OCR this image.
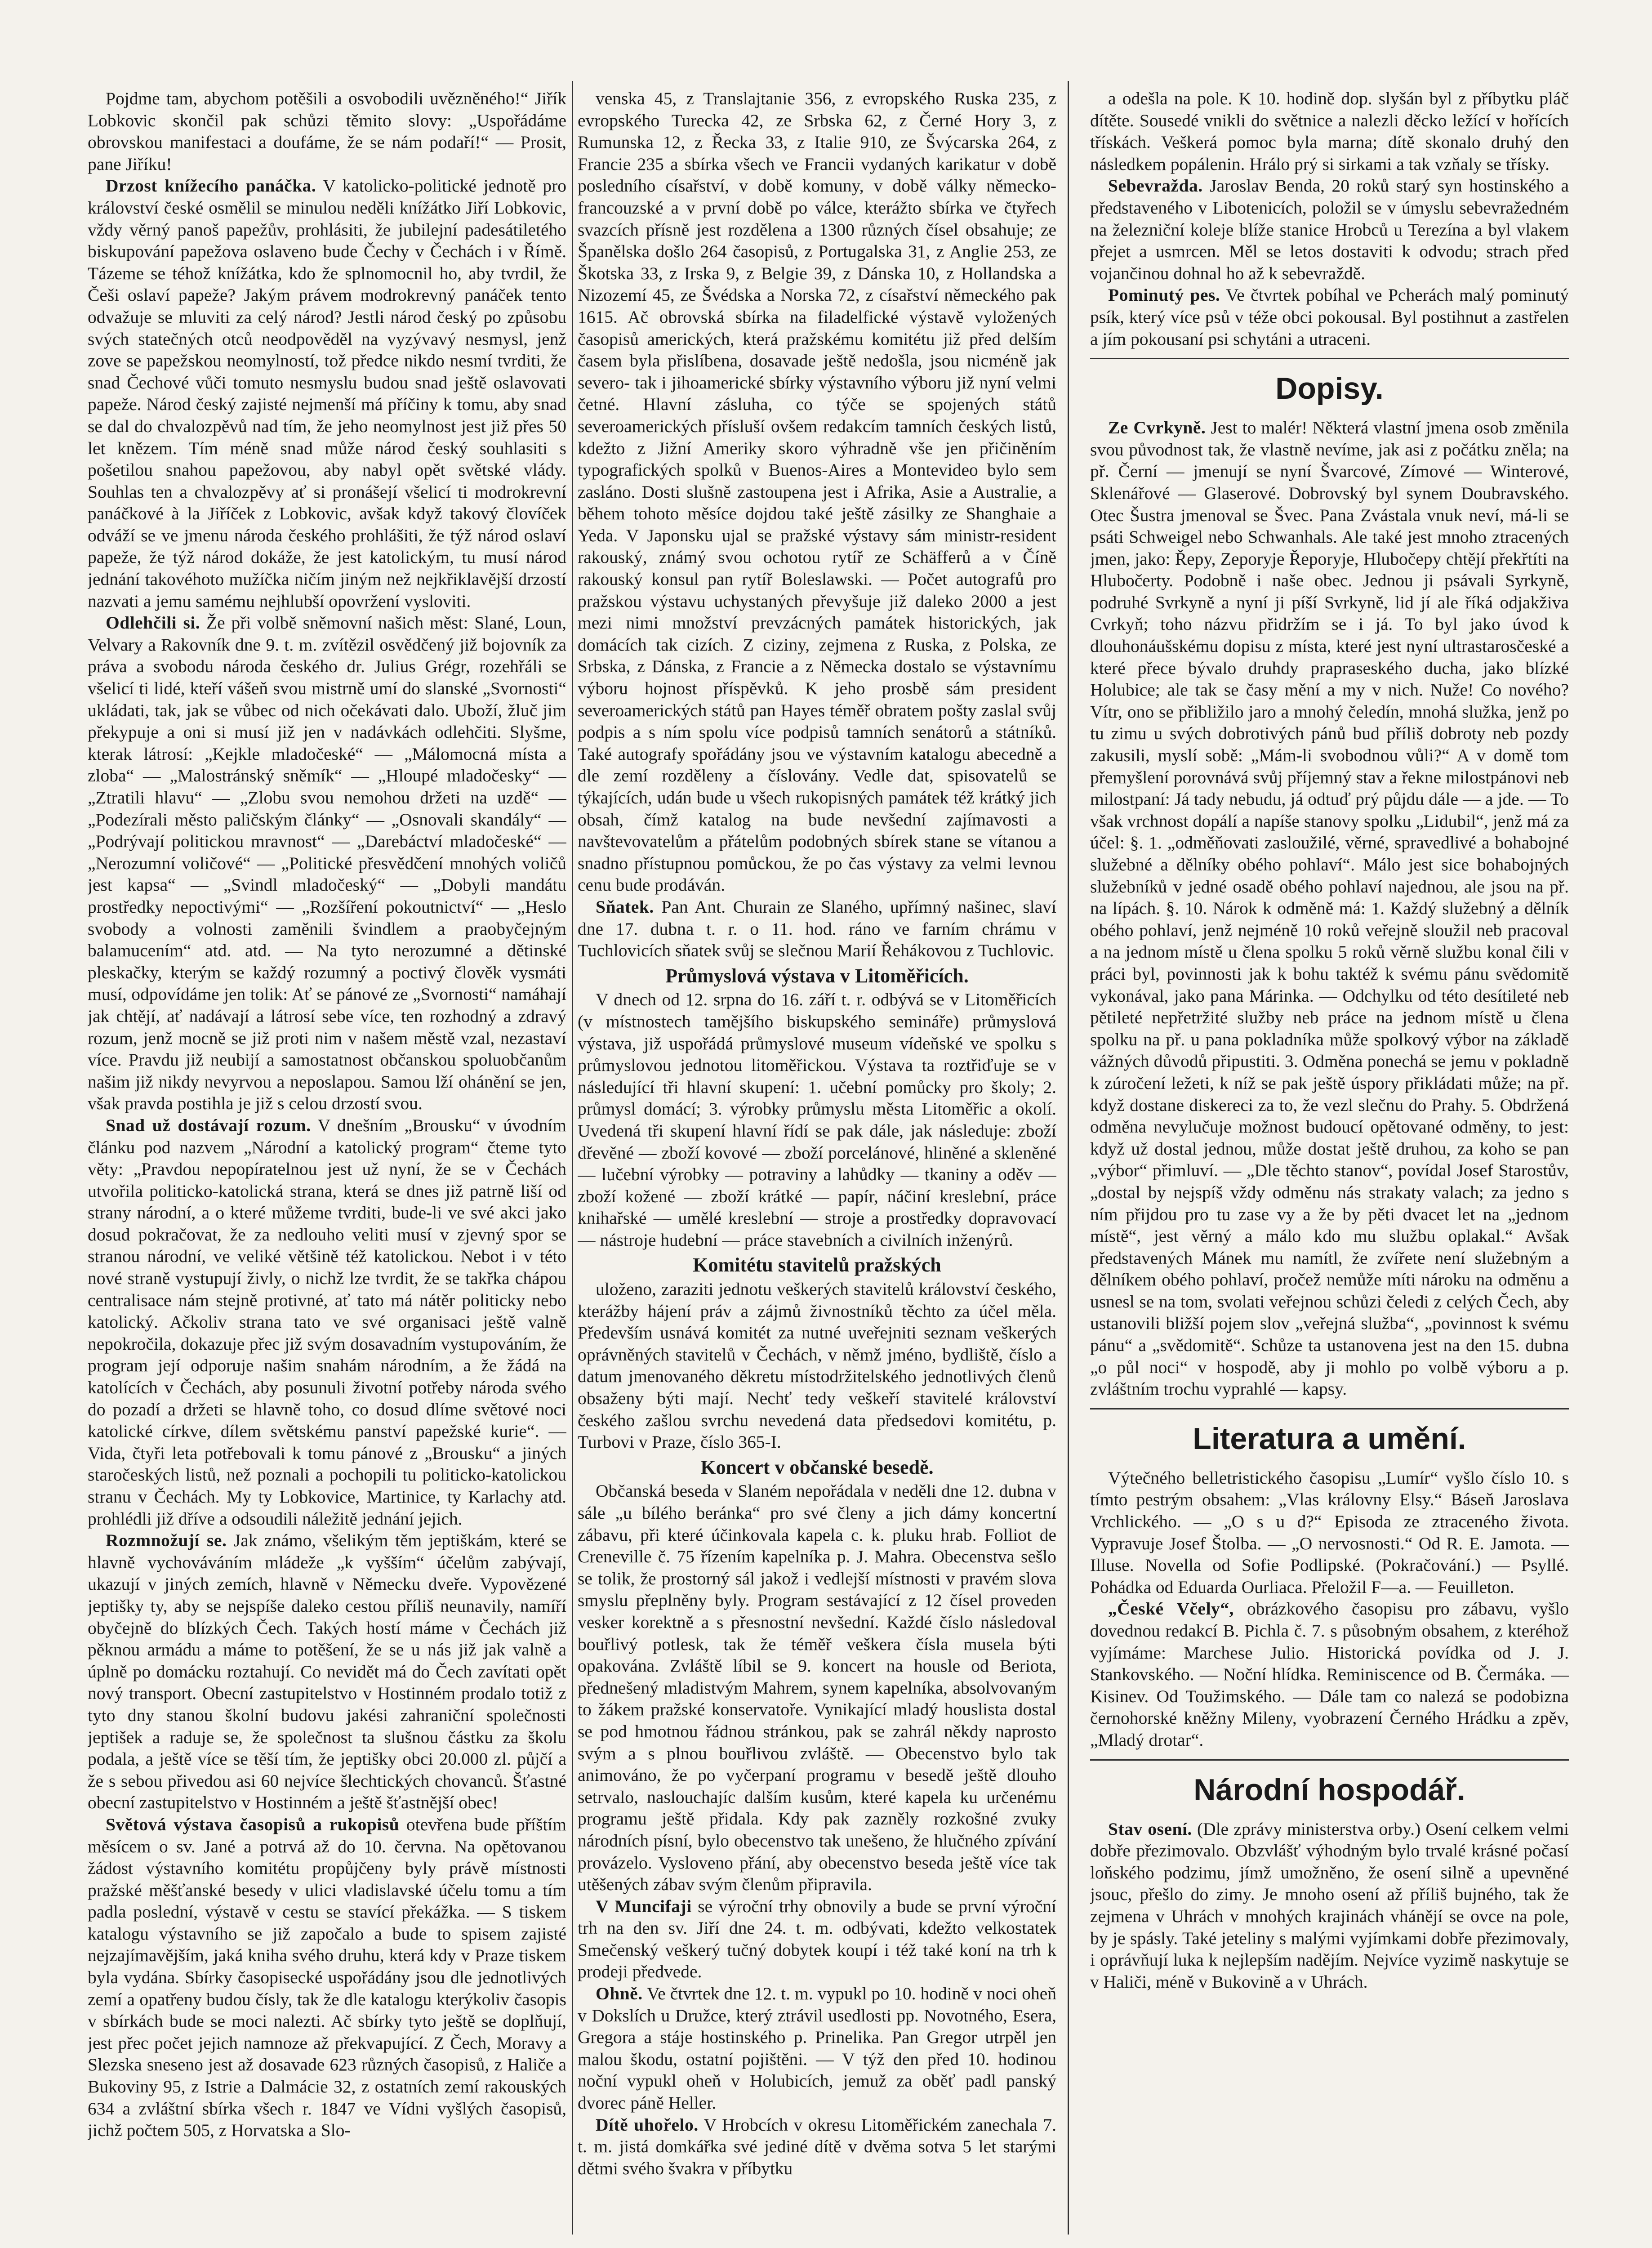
Pojdme tam, abychom potěšili a osvobodili uvězněného!“ Jiřík Lobkovic skončil pak schůzi těmito slovy: „Uspořádáme obrovskou manifestaci a doufáme, že se nám podaří!“ — Prosit, pane Jiříku!

Drzost knížecího panáčka. V katolicko-politické jednotě pro království české osmělil se minulou neděli knížátko Jiří Lobkovic, vždy věrný panoš papežův, prohlásiti, že jubilejní padesátiletého biskupování papežova oslaveno bude Čechy v Čechách i v Římě. Tázeme se téhož knížátka, kdo že splnomocnil ho, aby tvrdil, že Češi oslaví papeže? Jakým právem modrokrevný panáček tento odvažuje se mluviti za celý národ? Jestli národ český po způsobu svých statečných otců neodpověděl na vyzývavý nesmysl, jenž zove se papežskou neomylností, tož předce nikdo nesmí tvrditi, že snad Čechové vůči tomuto nesmyslu budou snad ještě oslavovati papeže. Národ český zajisté nejmenší má příčiny k tomu, aby snad se dal do chvalozpěvů nad tím, že jeho neomylnost jest již přes 50 let knězem. Tím méně snad může národ český souhlasiti s pošetilou snahou papežovou, aby nabyl opět světské vlády. Souhlas ten a chvalozpěvy ať si pronášejí všelicí ti modrokrevní panáčkové à la Jiříček z Lobkovic, avšak když takový človíček odváží se ve jmenu národa českého prohlášiti, že týž národ oslaví papeže, že týž národ dokáže, že jest katolickým, tu musí národ jednání takovéhoto mužíčka ničím jiným než nejkřiklavější drzostí nazvati a jemu samému nejhlubší opovržení vysloviti.

Odlehčili si. Že při volbě sněmovní našich měst: Slané, Loun, Velvary a Rakovník dne 9. t. m. zvítězil osvědčený již bojovník za práva a svobodu národa českého dr. Julius Grégr, rozehřáli se všelicí ti lidé, kteří vášeň svou mistrně umí do slanské „Svornosti“ ukládati, tak, jak se vůbec od nich očekávati dalo. Uboží, žluč jim překypuje a oni si musí již jen v nadávkách odlehčiti. Slyšme, kterak látrosí: „Kejkle mladočeské“ — „Málomocná místa a zloba“ — „Malostránský sněmík“ — „Hloupé mladočesky“ — „Ztratili hlavu“ — „Zlobu svou nemohou držeti na uzdě“ — „Podezírali město paličským články“ — „Osnovali skandály“ — „Podrývají politickou mravnost“ — „Darebáctví mladočeské“ — „Nerozumní voličové“ — „Politické přesvědčení mnohých voličů jest kapsa“ — „Svindl mladočeský“ — „Dobyli mandátu prostředky nepoctivými“ — „Rozšíření pokoutnictví“ — „Heslo svobody a volnosti zaměnili švindlem a praobyčejným balamucením“ atd. atd. — Na tyto nerozumné a dětinské pleskačky, kterým se každý rozumný a poctivý člověk vysmáti musí, odpovídáme jen tolik: Ať se pánové ze „Svornosti“ namáhají jak chtějí, ať nadávají a látrosí sebe více, ten rozhodný a zdravý rozum, jenž mocně se již proti nim v našem městě vzal, nezastaví více. Pravdu již neubijí a samostatnost občanskou spoluobčanům našim již nikdy nevyrvou a neposlapou. Samou lží ohánění se jen, však pravda postihla je již s celou drzostí svou.

Snad už dostávají rozum. V dnešním „Brousku“ v úvodním článku pod nazvem „Národní a katolický program“ čteme tyto věty: „Pravdou nepopíratelnou jest už nyní, že se v Čechách utvořila politicko-katolická strana, která se dnes již patrně liší od strany národní, a o které můžeme tvrditi, bude-li ve své akci jako dosud pokračovat, že za nedlouho veliti musí v zjevný spor se stranou národní, ve veliké většině též katolickou. Nebot i v této nové straně vystupují živly, o nichž lze tvrdit, že se takřka chápou centralisace nám stejně protivné, ať tato má nátěr politicky nebo katolický. Ačkoliv strana tato ve své organisaci ještě valně nepokročila, dokazuje přec již svým dosavadním vystupováním, že program její odporuje našim snahám národním, a že žádá na katolících v Čechách, aby posunuli životní potřeby národa svého do pozadí a držeti se hlavně toho, co dosud dlíme světové noci katolické církve, dílem světskému panství papežské kurie“. — Vida, čtyři leta potřebovali k tomu pánové z „Brousku“ a jiných staročeských listů, než poznali a pochopili tu politicko-katolickou stranu v Čechách. My ty Lobkovice, Martinice, ty Karlachy atd. prohlédli již dříve a odsoudili náležitě jednání jejich.

Rozmnožují se. Jak známo, všelikým těm jeptiškám, které se hlavně vychováváním mládeže „k vyšším“ účelům zabývají, ukazují v jiných zemích, hlavně v Německu dveře. Vypovězené jeptišky ty, aby se nejspíše daleko cestou příliš neunavily, namíří obyčejně do blízkých Čech. Takých hostí máme v Čechách již pěknou armádu a máme to potěšení, že se u nás již jak valně a úplně po domácku roztahují. Co nevidět má do Čech zavítati opět nový transport. Obecní zastupitelstvo v Hostinném prodalo totiž z tyto dny stanou školní budovu jakési zahraniční společnosti jeptišek a raduje se, že společnost ta slušnou částku za školu podala, a ještě více se těší tím, že jeptišky obci 20.000 zl. půjčí a že s sebou přivedou asi 60 nejvíce šlechtických chovanců. Šťastné obecní zastupitelstvo v Hostinném a ještě šťastnější obec!

Světová výstava časopisů a rukopisů otevřena bude příštím měsícem o sv. Jané a potrvá až do 10. června. Na opětovanou žádost výstavního komitétu propůjčeny byly právě místnosti pražské měšťanské besedy v ulici vladislavské účelu tomu a tím padla poslední, výstavě v cestu se stavící překážka. — S tiskem katalogu výstavního se již započalo a bude to spisem zajisté nejzajímavějším, jaká kniha svého druhu, která kdy v Praze tiskem byla vydána. Sbírky časopisecké uspořádány jsou dle jednotlivých zemí a opatřeny budou čísly, tak že dle katalogu kterýkoliv časopis v sbírkách bude se moci nalezti. Ač sbírky tyto ještě se doplňují, jest přec počet jejich namnoze až překvapující. Z Čech, Moravy a Slezska sneseno jest až dosavade 623 různých časopisů, z Haliče a Bukoviny 95, z Istrie a Dalmácie 32, z ostatních zemí rakouských 634 a zvláštní sbírka všech r. 1847 ve Vídni vyšlých časopisů, jichž počtem 505, z Horvatska a Slo-

venska 45, z Translajtanie 356, z evropského Ruska 235, z evropského Turecka 42, ze Srbska 62, z Černé Hory 3, z Rumunska 12, z Řecka 33, z Italie 910, ze Švýcarska 264, z Francie 235 a sbírka všech ve Francii vydaných karikatur v době posledního císařství, v době komuny, v době války německo-francouzské a v první době po válce, kterážto sbírka ve čtyřech svazcích přísně jest rozdělena a 1300 různých čísel obsahuje; ze Španělska došlo 264 časopisů, z Portugalska 31, z Anglie 253, ze Škotska 33, z Irska 9, z Belgie 39, z Dánska 10, z Hollandska a Nizozemí 45, ze Švédska a Norska 72, z císařství německého pak 1615. Ač obrovská sbírka na filadelfické výstavě vyložených časopisů amerických, která pražskému komitétu již před delším časem byla přislíbena, dosavade ještě nedošla, jsou nicméně jak severo- tak i jihoamerické sbírky výstavního výboru již nyní velmi četné. Hlavní zásluha, co týče se spojených států severoamerických přísluší ovšem redakcím tamních českých listů, kdežto z Jižní Ameriky skoro výhradně vše jen přičiněním typografických spolků v Buenos-Aires a Montevideo bylo sem zasláno. Dosti slušně zastoupena jest i Afrika, Asie a Australie, a během tohoto měsíce dojdou také ještě zásilky ze Shanghaie a Yeda. V Japonsku ujal se pražské výstavy sám ministr-resident rakouský, známý svou ochotou rytíř ze Schäfferů a v Číně rakouský konsul pan rytíř Boleslawski. — Počet autografů pro pražskou výstavu uchystaných převyšuje již daleko 2000 a jest mezi nimi množství prevzácných památek historických, jak domácích tak cizích. Z ciziny, zejmena z Ruska, z Polska, ze Srbska, z Dánska, z Francie a z Německa dostalo se výstavnímu výboru hojnost příspěvků. K jeho prosbě sám president severoamerických států pan Hayes téměř obratem pošty zaslal svůj podpis a s ním spolu více podpisů tamních senátorů a státníků. Také autografy spořádány jsou ve výstavním katalogu abecedně a dle zemí rozděleny a číslovány. Vedle dat, spisovatelů se týkajících, udán bude u všech rukopisných památek též krátký jich obsah, čímž katalog na bude nevšední zajímavosti a navštevovatelům a přátelům podobných sbírek stane se vítanou a snadno přístupnou pomůckou, že po čas výstavy za velmi levnou cenu bude prodáván.

Sňatek. Pan Ant. Churain ze Slaného, upřímný našinec, slaví dne 17. dubna t. r. o 11. hod. ráno ve farním chrámu v Tuchlovicích sňatek svůj se slečnou Marií Řehákovou z Tuchlovic.

Průmyslová výstava v Litoměřicích.

V dnech od 12. srpna do 16. září t. r. odbývá se v Litoměřicích (v místnostech tamějšího biskupského semináře) průmyslová výstava, již uspořádá průmyslové museum vídeňské ve spolku s průmyslovou jednotou litoměřickou. Výstava ta roztřiďuje se v následující tři hlavní skupení: 1. učební pomůcky pro školy; 2. průmysl domácí; 3. výrobky průmyslu města Litoměřic a okolí. Uvedená tři skupení hlavní řídí se pak dále, jak následuje: zboží dřevěné — zboží kovové — zboží porcelánové, hliněné a skleněné — lučební výrobky — potraviny a lahůdky — tkaniny a oděv — zboží kožené — zboží krátké — papír, náčiní kreslební, práce knihařské — umělé kreslební — stroje a prostředky dopravovací — nástroje hudební — práce stavebních a civilních inženýrů.

Komitétu stavitelů pražských

uloženo, zaraziti jednotu veškerých stavitelů království českého, kterážby hájení práv a zájmů živnostníků těchto za účel měla. Především usnává komitét za nutné uveřejniti seznam veškerých oprávněných stavitelů v Čechách, v němž jméno, bydliště, číslo a datum jmenovaného děkretu místodržitelského jednotlivých členů obsaženy býti mají. Nechť tedy veškeří stavitelé království českého zašlou svrchu nevedená data předsedovi komitétu, p. Turbovi v Praze, číslo 365-I.

Koncert v občanské besedě.

Občanská beseda v Slaném nepořádala v neděli dne 12. dubna v sále „u bílého beránka“ pro své členy a jich dámy koncertní zábavu, při které účinkovala kapela c. k. pluku hrab. Folliot de Creneville č. 75 řízením kapelníka p. J. Mahra. Obecenstva sešlo se tolik, že prostorný sál jakož i vedlejší místnosti v pravém slova smyslu přeplněny byly. Program sestávající z 12 čísel proveden vesker korektně a s přesnostní nevšední. Každé číslo následoval bouřlivý potlesk, tak že téměř veškera čísla musela býti opakována. Zvláště líbil se 9. koncert na housle od Beriota, přednešený mladistvým Mahrem, synem kapelníka, absolvovaným to žákem pražské konservatoře. Vynikající mladý houslista dostal se pod hmotnou řádnou stránkou, pak se zahrál někdy naprosto svým a s plnou bouřlivou zvláště. — Obecenstvo bylo tak animováno, že po vyčerpaní programu v besedě ještě dlouho setrvalo, naslouchajíc dalším kusům, které kapela ku určenému programu ještě přidala. Kdy pak zazněly rozkošné zvuky národních písní, bylo obecenstvo tak unešeno, že hlučného zpívání provázelo. Vysloveno přání, aby obecenstvo beseda ještě více tak utěšených zábav svým členům připravila.

V Muncifaji se výroční trhy obnovily a bude se první výroční trh na den sv. Jiří dne 24. t. m. odbývati, kdežto velkostatek Smečenský veškerý tučný dobytek koupí i též také koní na trh k prodeji předvede.

Ohně. Ve čtvrtek dne 12. t. m. vypukl po 10. hodině v noci oheň v Dokslích u Družce, který ztrávil usedlosti pp. Novotného, Esera, Gregora a stáje hostinského p. Prinelika. Pan Gregor utrpěl jen malou škodu, ostatní pojištěni. — V týž den před 10. hodinou noční vypukl oheň v Holubicích, jemuž za oběť padl panský dvorec páně Heller.

Dítě uhořelo. V Hrobcích v okresu Litoměřickém zanechala 7. t. m. jistá domkářka své jediné dítě v dvěma sotva 5 let starými dětmi svého švakra v příbytku

a odešla na pole. K 10. hodině dop. slyšán byl z příbytku pláč dítěte. Sousedé vnikli do světnice a nalezli děcko ležící v hořících třískách. Veškerá pomoc byla marna; dítě skonalo druhý den následkem popálenin. Hrálo prý si sirkami a tak vzňaly se třísky.

Sebevražda. Jaroslav Benda, 20 roků starý syn hostinského a představeného v Libotenicích, položil se v úmyslu sebevražedném na železniční koleje blíže stanice Hrobců u Terezína a byl vlakem přejet a usmrcen. Měl se letos dostaviti k odvodu; strach před vojančinou dohnal ho až k sebevraždě.

Pominutý pes. Ve čtvrtek pobíhal ve Pcherách malý pominutý psík, který více psů v téže obci pokousal. Byl postihnut a zastřelen a jím pokousaní psi schytáni a utraceni.

Dopisy.

Ze Cvrkyně. Jest to malér! Některá vlastní jmena osob změnila svou původnost tak, že vlastně nevíme, jak asi z počátku zněla; na př. Černí — jmenují se nyní Švarcové, Zímové — Winterové, Sklenářové — Glaserové. Dobrovský byl synem Doubravského. Otec Šustra jmenoval se Švec. Pana Zvástala vnuk neví, má-li se psáti Schweigel nebo Schwanhals. Ale také jest mnoho ztracených jmen, jako: Řepy, Zeporyje Řeporyje, Hlubočepy chtějí překřtíti na Hlubočerty. Podobně i naše obec. Jednou ji psávali Syrkyně, podruhé Svrkyně a nyní ji píší Svrkyně, lid jí ale říká odjakživa Cvrkyň; toho názvu přidržím se i já. To byl jako úvod k dlouhonáušskému dopisu z místa, které jest nyní ultrastarosčeské a které přece bývalo druhdy prapraseského ducha, jako blízké Holubice; ale tak se časy mění a my v nich. Nuže! Co nového? Vítr, ono se přibližilo jaro a mnohý čeledín, mnohá služka, jenž po tu zimu u svých dobrotivých pánů bud příliš dobroty neb pozdy zakusili, myslí sobě: „Mám-li svobodnou vůli?“ A v domě tom přemyšlení porovnává svůj příjemný stav a řekne milostpánovi neb milostpaní: Já tady nebudu, já odtuď prý půjdu dále — a jde. — To však vrchnost dopálí a napíše stanovy spolku „Lidubil“, jenž má za účel: §. 1. „odměňovati zasloužilé, věrné, spravedlivé a bohabojné služebné a dělníky obého pohlaví“. Málo jest sice bohabojných služebníků v jedné osadě obého pohlaví najednou, ale jsou na př. na lípách. §. 10. Nárok k odměně má: 1. Každý služebný a dělník obého pohlaví, jenž nejméně 10 roků veřejně sloužil neb pracoval a na jednom místě u člena spolku 5 roků věrně službu konal čili v práci byl, povinnosti jak k bohu taktéž k svému pánu svědomitě vykonával, jako pana Márinka. — Odchylku od této desítileté neb pětileté nepřetržité služby neb práce na jednom místě u člena spolku na př. u pana pokladníka může spolkový výbor na základě vážných důvodů připustiti. 3. Odměna ponechá se jemu v pokladně k zúročení ležeti, k níž se pak ještě úspory přikládati může; na př. když dostane diskereci za to, že vezl slečnu do Prahy. 5. Obdržená odměna nevylučuje možnost budoucí opětované odměny, to jest: když už dostal jednou, může dostat ještě druhou, za koho se pan „výbor“ přimluví. — „Dle těchto stanov“, povídal Josef Starostův, „dostal by nejspíš vždy odměnu nás strakaty valach; za jedno s ním přijdou pro tu zase vy a že by pěti dvacet let na „jednom místě“, jest věrný a málo kdo mu službu oplakal.“ Avšak představených Mánek mu namítl, že zvířete není služebným a dělníkem obého pohlaví, pročež nemůže míti nároku na odměnu a usnesl se na tom, svolati veřejnou schůzi čeledi z celých Čech, aby ustanovili bližší pojem slov „veřejná služba“, „povinnost k svému pánu“ a „svědomitě“. Schůze ta ustanovena jest na den 15. dubna „o půl noci“ v hospodě, aby ji mohlo po volbě výboru a p. zvláštním trochu vyprahlé — kapsy.

Literatura a umění.

Výtečného belletristického časopisu „Lumír“ vyšlo číslo 10. s tímto pestrým obsahem: „Vlas královny Elsy.“ Báseň Jaroslava Vrchlického. — „O s u d?“ Episoda ze ztraceného života. Vypravuje Josef Štolba. — „O nervosnosti.“ Od R. E. Jamota. — Illuse. Novella od Sofie Podlipské. (Pokračování.) — Psyllé. Pohádka od Eduarda Ourliaca. Přeložil F—a. — Feuilleton.

„České Včely“, obrázkového časopisu pro zábavu, vyšlo dovednou redakcí B. Pichla č. 7. s působným obsahem, z kteréhož vyjímáme: Marchese Julio. Historická povídka od J. J. Stankovského. — Noční hlídka. Reminiscence od B. Čermáka. — Kisinev. Od Toužimského. — Dále tam co nalezá se podobizna černohorské kněžny Mileny, vyobrazení Černého Hrádku a zpěv, „Mladý drotar“.

Národní hospodář.

Stav osení. (Dle zprávy ministerstva orby.) Osení celkem velmi dobře přezimovalo. Obzvlášť výhodným bylo trvalé krásné počasí loňského podzimu, jímž umožněno, že osení silně a upevněné jsouc, přešlo do zimy. Je mnoho osení až příliš bujného, tak že zejmena v Uhrách v mnohých krajinách vhánějí se ovce na pole, by je spásly. Také jeteliny s malými vyjímkami dobře přezimovaly, i oprávňují luka k nejlepším nadějím. Nejvíce vyzimě naskytuje se v Haliči, méně v Bukovině a v Uhrách.
